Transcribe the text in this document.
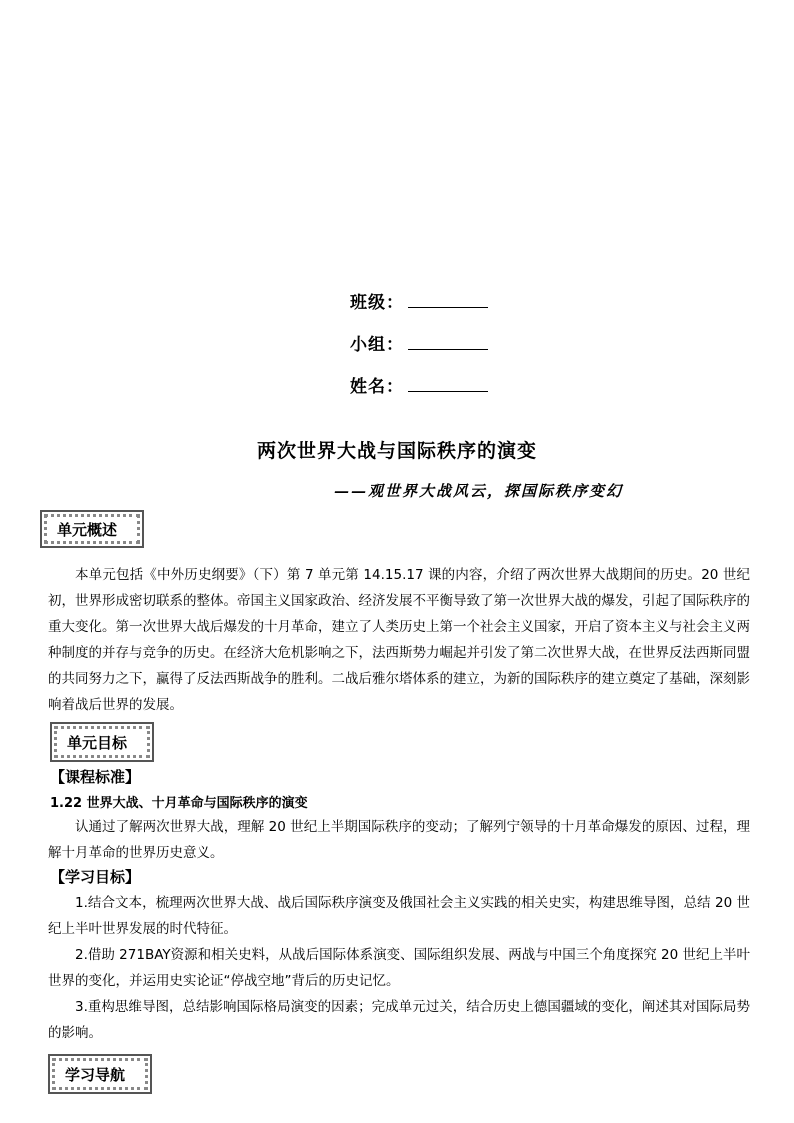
班级：
小组：
姓名：
两次世界大战与国际秩序的演变
——观世界大战风云，探国际秩序变幻
单元概述
本单元包括《中外历史纲要》（下）第 7 单元第 14.15.17 课的内容，介绍了两次世界大战期间的历史。20 世纪初，世界形成密切联系的整体。帝国主义国家政治、经济发展不平衡导致了第一次世界大战的爆发，引起了国际秩序的重大变化。第一次世界大战后爆发的十月革命，建立了人类历史上第一个社会主义国家，开启了资本主义与社会主义两种制度的并存与竞争的历史。在经济大危机影响之下，法西斯势力崛起并引发了第二次世界大战，在世界反法西斯同盟的共同努力之下，赢得了反法西斯战争的胜利。二战后雅尔塔体系的建立，为新的国际秩序的建立奠定了基础，深刻影响着战后世界的发展。
单元目标
【课程标准】
1.22 世界大战、十月革命与国际秩序的演变
认通过了解两次世界大战，理解 20 世纪上半期国际秩序的变动；了解列宁领导的十月革命爆发的原因、过程，理解十月革命的世界历史意义。
【学习目标】
1.结合文本，梳理两次世界大战、战后国际秩序演变及俄国社会主义实践的相关史实，构建思维导图，总结 20 世纪上半叶世界发展的时代特征。
2.借助 271BAY资源和相关史料，从战后国际体系演变、国际组织发展、两战与中国三个角度探究 20 世纪上半叶世界的变化，并运用史实论证“停战空地”背后的历史记忆。
3.重构思维导图，总结影响国际格局演变的因素；完成单元过关，结合历史上德国疆域的变化，阐述其对国际局势的影响。
学习导航
